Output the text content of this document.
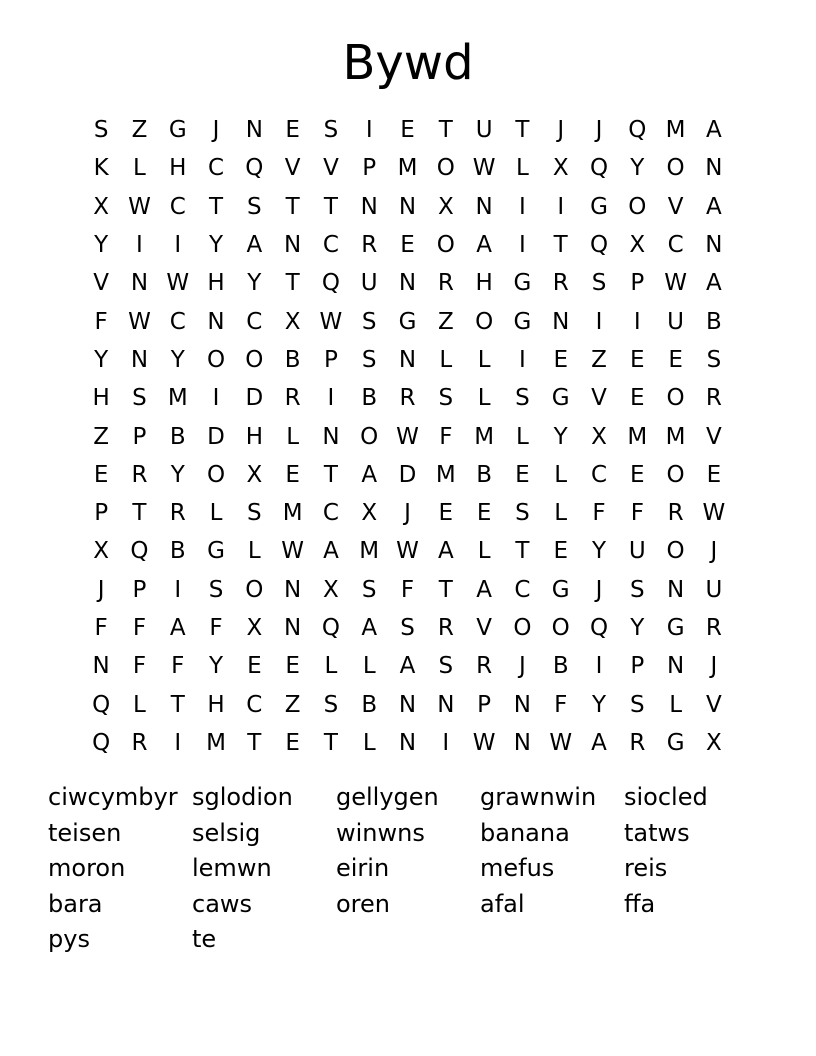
Bywd
S	Z G	J	N E	S	I	E	T U T	J	J	Q M A
K	L	H C Q V V	P M O W L	X Q Y O N
X W C	T	S	T	T N N X N	I	I	G O V A
Y	I	I	Y	A N C R	E O A	I	T Q X C N
V N W H Y	T Q U N R H G R	S	P W A
F W C N C X W S G Z O G N	I	I	U B
Y N Y O O B	P	S N	L	L	I	E	Z	E	E	S
H S M	I	D R	I	B R	S	L	S G V	E O R
Z	P	B D H	L	N O W F M L	Y	X M M V
E	R	Y O X	E	T	A D M B	E	L	C	E O E
P	T	R	L	S M C X	J	E	E	S	L	F	F	R W
X Q B G L W A M W A	L	T	E	Y U O	J
J	P	I	S O N X	S	F	T	A C G	J	S N U
F	F	A	F	X N Q A	S	R V O O Q Y G R
N	F	F	Y	E	E	L	L	A	S	R	J	B	I	P N	J
Q L	T H C Z	S	B N N P N	F	Y	S	L	V
Q R	I	M T	E	T	L	N	I	W N W A R G X
ciwcymbyr sglodion	gellygen	grawnwin	siocled
teisen	selsig	winwns	banana	tatws
moron	lemwn	eirin	mefus	reis
bara	caws	oren	afal	ffa
pys	te
